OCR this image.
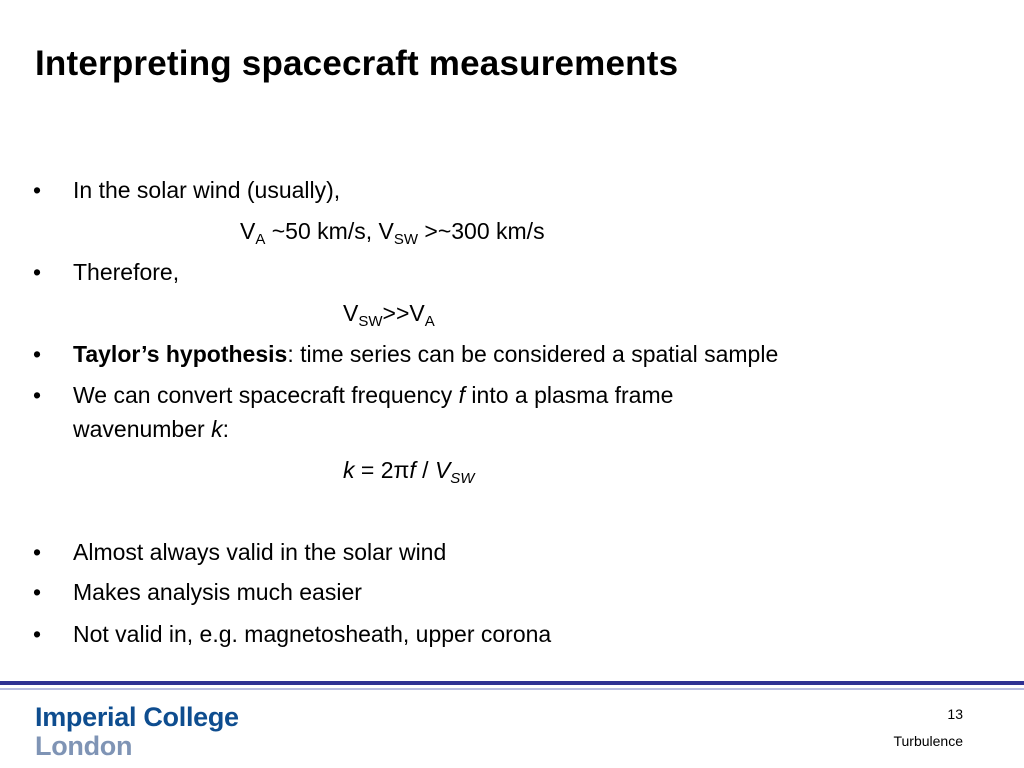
Interpreting spacecraft measurements
• In the solar wind (usually),
$V_A$ ~50 km/s, $V_{SW}$ >~300 km/s
• Therefore,
$V_{SW}>>V_A$
• Taylor’s hypothesis: time series can be considered a spatial sample
• We can convert spacecraft frequency f into a plasma frame
wavenumber k:
$k = 2\pi f / V_{SW}$
• Almost always valid in the solar wind
• Makes analysis much easier
• Not valid in, e.g. magnetosheath, upper corona
Imperial College
London
13
Turbulence
